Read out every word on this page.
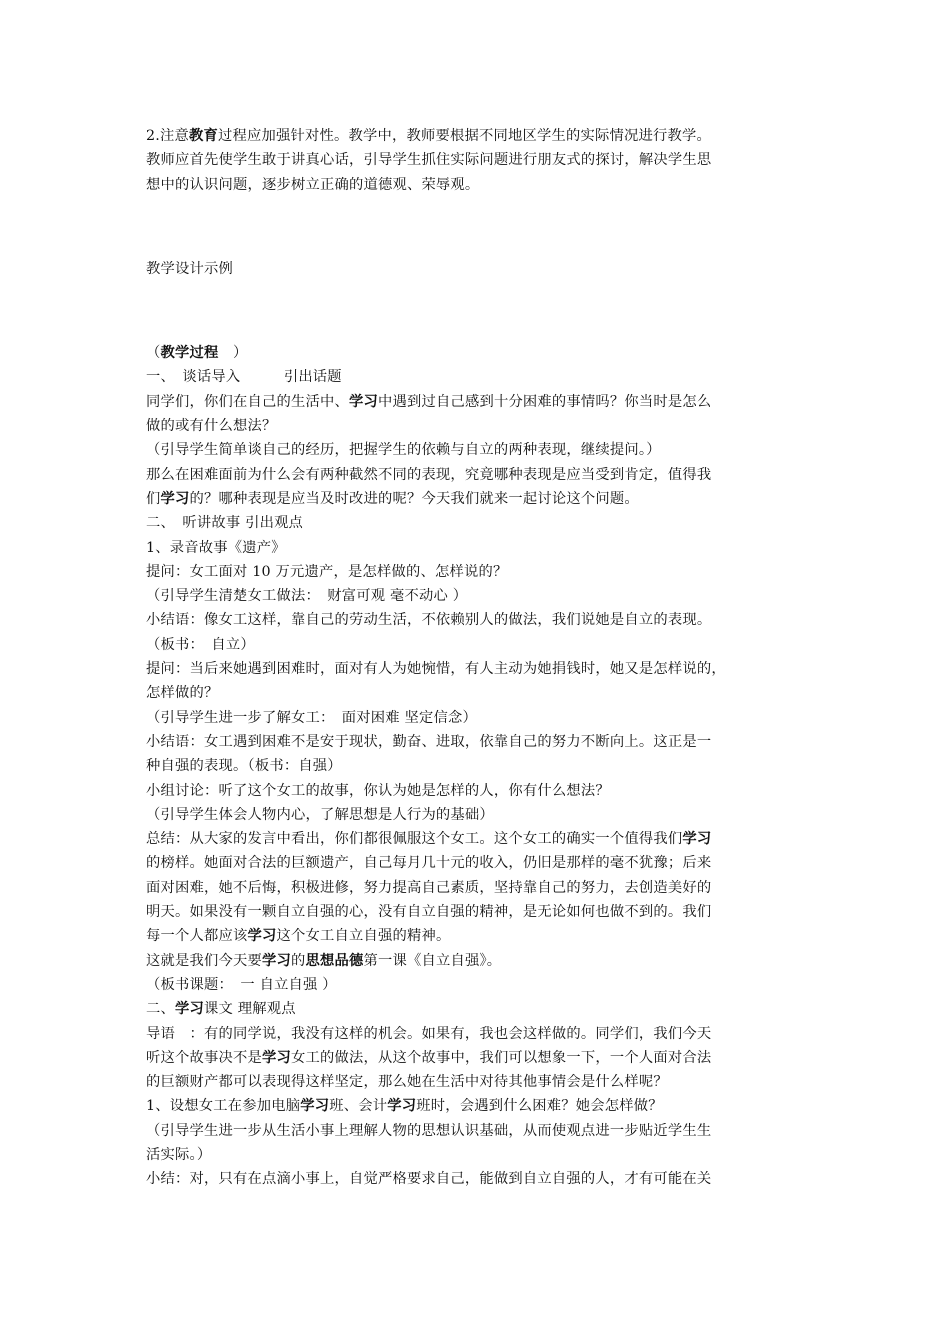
2.注意教育过程应加强针对性。教学中，教师要根据不同地区学生的实际情况进行教学。
教师应首先使学生敢于讲真心话，引导学生抓住实际问题进行朋友式的探讨，解决学生思
想中的认识问题，逐步树立正确的道德观、荣辱观。
教学设计示例
（教学过程　）
一、　谈话导入　　　引出话题
同学们，你们在自己的生活中、学习中遇到过自己感到十分困难的事情吗？你当时是怎么
做的或有什么想法？
（引导学生简单谈自己的经历，把握学生的依赖与自立的两种表现，继续提问。）
那么在困难面前为什么会有两种截然不同的表现，究竟哪种表现是应当受到肯定，值得我
们学习的？哪种表现是应当及时改进的呢？今天我们就来一起讨论这个问题。
二、　听讲故事 引出观点
1、录音故事《遗产》
提问：女工面对 10 万元遗产，是怎样做的、怎样说的？
（引导学生清楚女工做法：　财富可观 毫不动心 ）
小结语：像女工这样，靠自己的劳动生活，不依赖别人的做法，我们说她是自立的表现。
（板书：　自立）
提问：当后来她遇到困难时，面对有人为她惋惜，有人主动为她捐钱时，她又是怎样说的，
怎样做的？
（引导学生进一步了解女工：　面对困难 坚定信念）
小结语：女工遇到困难不是安于现状，勤奋、进取，依靠自己的努力不断向上。这正是一
种自强的表现。（板书：自强）
小组讨论：听了这个女工的故事，你认为她是怎样的人，你有什么想法？
（引导学生体会人物内心，了解思想是人行为的基础）
总结：从大家的发言中看出，你们都很佩服这个女工。这个女工的确实一个值得我们学习
的榜样。她面对合法的巨额遗产，自己每月几十元的收入，仍旧是那样的毫不犹豫；后来
面对困难，她不后悔，积极进修，努力提高自己素质，坚持靠自己的努力，去创造美好的
明天。如果没有一颗自立自强的心，没有自立自强的精神，是无论如何也做不到的。我们
每一个人都应该学习这个女工自立自强的精神。
这就是我们今天要学习的思想品德第一课《自立自强》。
（板书课题：　一 自立自强 ）
二、学习课文 理解观点
导语　：有的同学说，我没有这样的机会。如果有，我也会这样做的。同学们，我们今天
听这个故事决不是学习女工的做法，从这个故事中，我们可以想象一下，一个人面对合法
的巨额财产都可以表现得这样坚定，那么她在生活中对待其他事情会是什么样呢？
1、设想女工在参加电脑学习班、会计学习班时，会遇到什么困难？她会怎样做？
（引导学生进一步从生活小事上理解人物的思想认识基础，从而使观点进一步贴近学生生
活实际。）
小结：对，只有在点滴小事上，自觉严格要求自己，能做到自立自强的人，才有可能在关
